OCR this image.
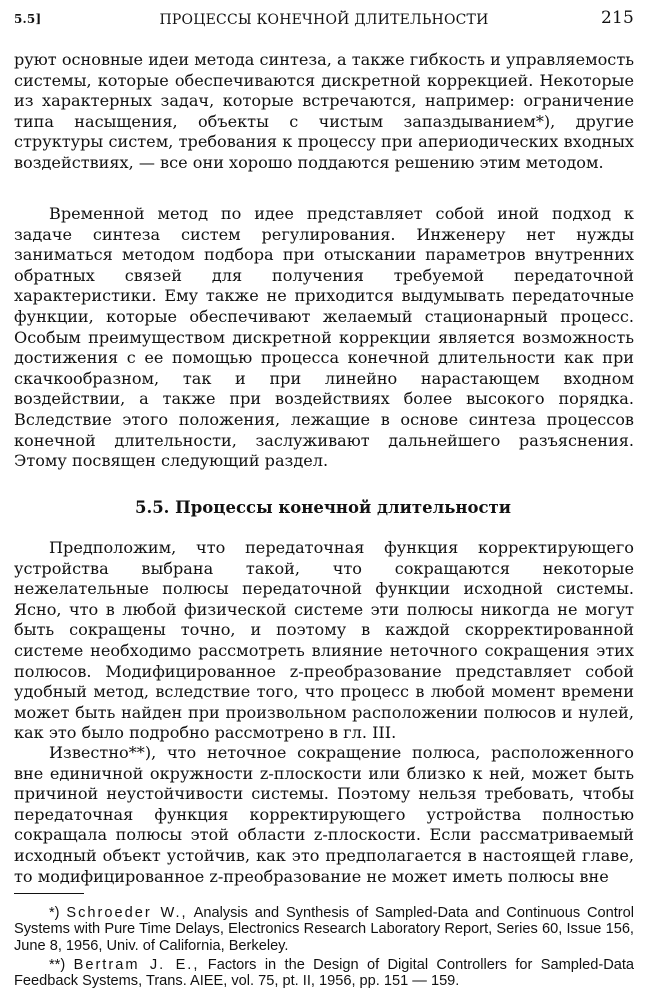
5.5]	ПРОЦЕССЫ КОНЕЧНОЙ ДЛИТЕЛЬНОСТИ	215

руют основные идеи метода синтеза, а также гибкость и управляемость системы, которые обеспечиваются дискретной коррекцией. Некоторые из характерных задач, которые встречаются, например: ограничение типа насыщения, объекты с чистым запаздыванием*), другие структуры систем, требования к процессу при апериодических входных воздействиях, — все они хорошо поддаются решению этим методом.

Временной метод по идее представляет собой иной подход к задаче синтеза систем регулирования. Инженеру нет нужды заниматься методом подбора при отыскании параметров внутренних обратных связей для получения требуемой передаточной характеристики. Ему также не приходится выдумывать передаточные функции, которые обеспечивают желаемый стационарный процесс. Особым преимуществом дискретной коррекции является возможность достижения с ее помощью процесса конечной длительности как при скачкообразном, так и при линейно нарастающем входном воздействии, а также при воздействиях более высокого порядка. Вследствие этого положения, лежащие в основе синтеза процессов конечной длительности, заслуживают дальнейшего разъяснения. Этому посвящен следующий раздел.

5.5. Процессы конечной длительности

Предположим, что передаточная функция корректирующего устройства выбрана такой, что сокращаются некоторые нежелательные полюсы передаточной функции исходной системы. Ясно, что в любой физической системе эти полюсы никогда не могут быть сокращены точно, и поэтому в каждой скорректированной системе необходимо рассмотреть влияние неточного сокращения этих полюсов. Модифицированное z-преобразование представляет собой удобный метод, вследствие того, что процесс в любой момент времени может быть найден при произвольном расположении полюсов и нулей, как это было подробно рассмотрено в гл. III.

Известно**), что неточное сокращение полюса, расположенного вне единичной окружности z-плоскости или близко к ней, может быть причиной неустойчивости системы. Поэтому нельзя требовать, чтобы передаточная функция корректирующего устройства полностью сокращала полюсы этой области z-плоскости. Если рассматриваемый исходный объект устойчив, как это предполагается в настоящей главе, то модифицированное z-преобразование не может иметь полюсы вне

*) Schroeder W., Analysis and Synthesis of Sampled-Data and Continuous Control Systems with Pure Time Delays, Electronics Research Laboratory Report, Series 60, Issue 156, June 8, 1956, Univ. of California, Berkeley.

**) Bertram J. E., Factors in the Design of Digital Controllers for Sampled-Data Feedback Systems, Trans. AIEE, vol. 75, pt. II, 1956, pp. 151 — 159.
